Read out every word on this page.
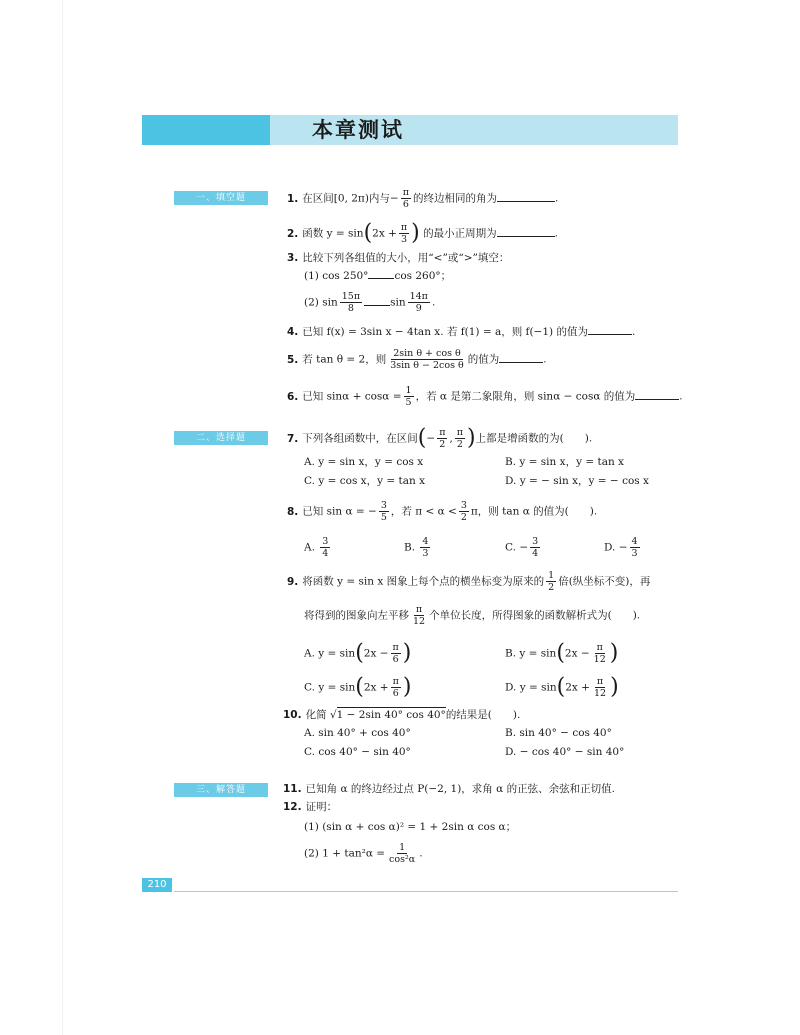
本章测试
一、填空题
二、选择题
三、解答题
1. 在区间[0, 2π)内与− $\frac{\pi}{6}$ 的终边相同的角为	.
2. 函数 $y = \sin(2x + \frac{\pi}{3}$ ) 的最小正周期为	.
3. 比较下列各组值的大小，用“<”或“>”填空：
(1) cos 250° cos 260°；
(2) $\sin \frac{15\pi}{8}$	$\sin \frac{14\pi}{9}$ .
4. 已知 f(x) = 3sin x − 4tan x. 若 f(1) = a，则 f(−1) 的值为	.
5. 若 tan θ = 2，则 $\frac{\text{2sin θ + cos θ}}{\text{3sin θ − 2cos θ}}$ 的值为	.
6. 已知 $\sin\alpha + \cos\alpha = \frac{1}{5}$ ，若 α 是第二象限角，则 sinα − cosα 的值为	.
7. 下列各组函数中，在区间(− $\frac{\pi}{2}$ , $\frac{\pi}{2}$ )上都是增函数的为(　　).
A. y = sin x，y = cos x	B. y = sin x，y = tan x
C. y = cos x，y = tan x	D. y = − sin x，y = − cos x
8. 已知 sin α = − $\frac{3}{5}$ ，若 $\pi < \alpha < \frac{3}{2}$ π，则 tan α 的值为(　　).
A. $\frac{3}{4}$	B. $\frac{4}{3}$	C. − $\frac{3}{4}$	D. − $\frac{4}{3}$
9. 将函数 y = sin x 图象上每个点的横坐标变为原来的 $\frac{1}{2}$ 倍(纵坐标不变)，再
将得到的图象向左平移 $\frac{\pi}{12}$ 个单位长度，所得图象的函数解析式为(　　).
A. $y = \sin(2x - \frac{\pi}{6}$ )	B. $y = \sin(2x - \frac{\pi}{12}$ )
C. $y = \sin(2x + \frac{\pi}{6}$ )	D. $y = \sin(2x + \frac{\pi}{12}$ )
10. 化简 √1 − 2sin 40° cos 40°的结果是(　　).
A. sin 40° + cos 40°	B. sin 40° − cos 40°
C. cos 40° − sin 40°	D. − cos 40° − sin 40°
11. 已知角 α 的终边经过点 P(−2, 1)，求角 α 的正弦、余弦和正切值.
12. 证明：
(1) (sin α + cos α)² = 1 + 2sin α cos α；
(2) $1 + \tan^2\alpha = \frac{1}{\text{cos²α}}$ .
210
